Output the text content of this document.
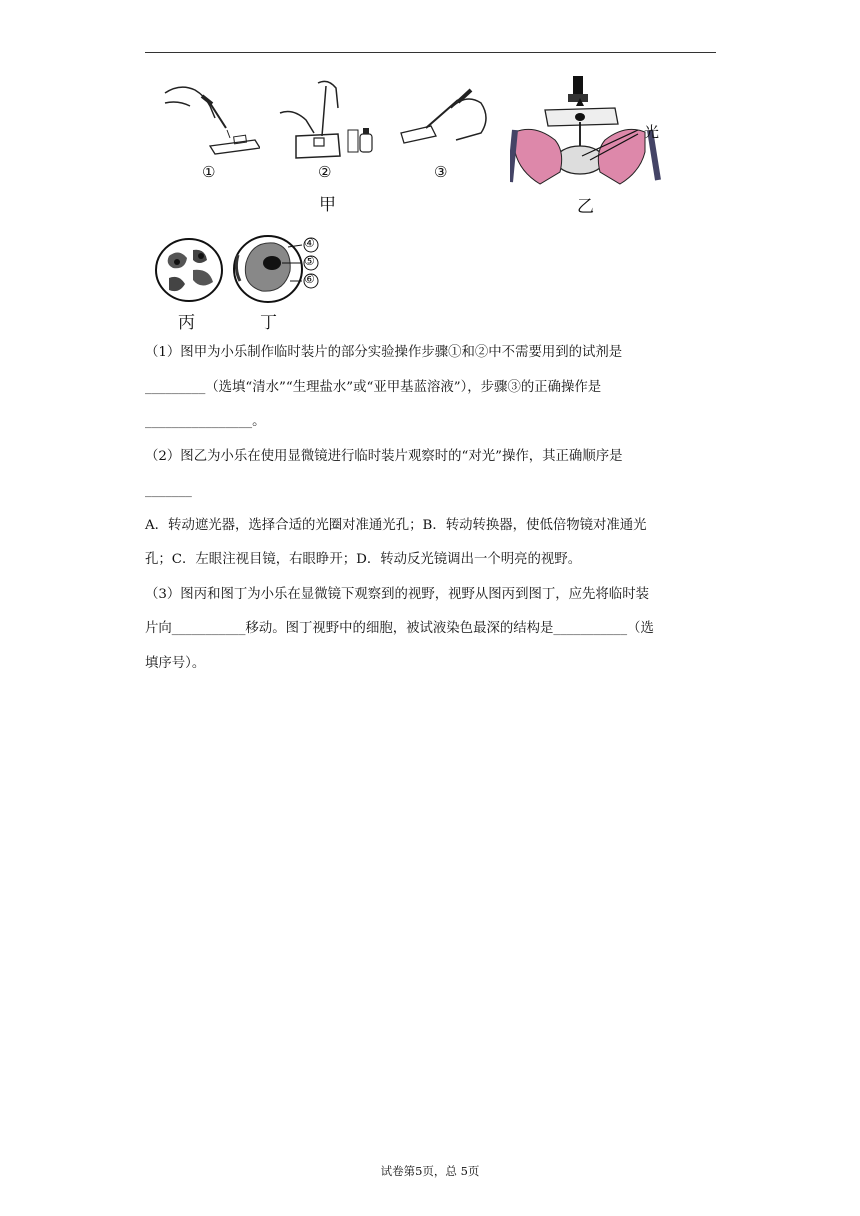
①	②	③
甲
光
乙
④
⑤
⑥
丙	丁

（1）图甲为小乐制作临时装片的部分实验操作步骤①和②中不需要用到的试剂是

_________（选填“清水”“生理盐水”或“亚甲基蓝溶液”），步骤③的正确操作是

________________。

（2）图乙为小乐在使用显微镜进行临时装片观察时的“对光”操作，其正确顺序是

_______

A．转动遮光器，选择合适的光圈对准通光孔；B．转动转换器，使低倍物镜对准通光

孔；C．左眼注视目镜，右眼睁开；D．转动反光镜调出一个明亮的视野。

（3）图丙和图丁为小乐在显微镜下观察到的视野，视野从图丙到图丁，应先将临时装

片向___________移动。图丁视野中的细胞，被试液染色最深的结构是___________（选

填序号）。

试卷第5页，总 5页
